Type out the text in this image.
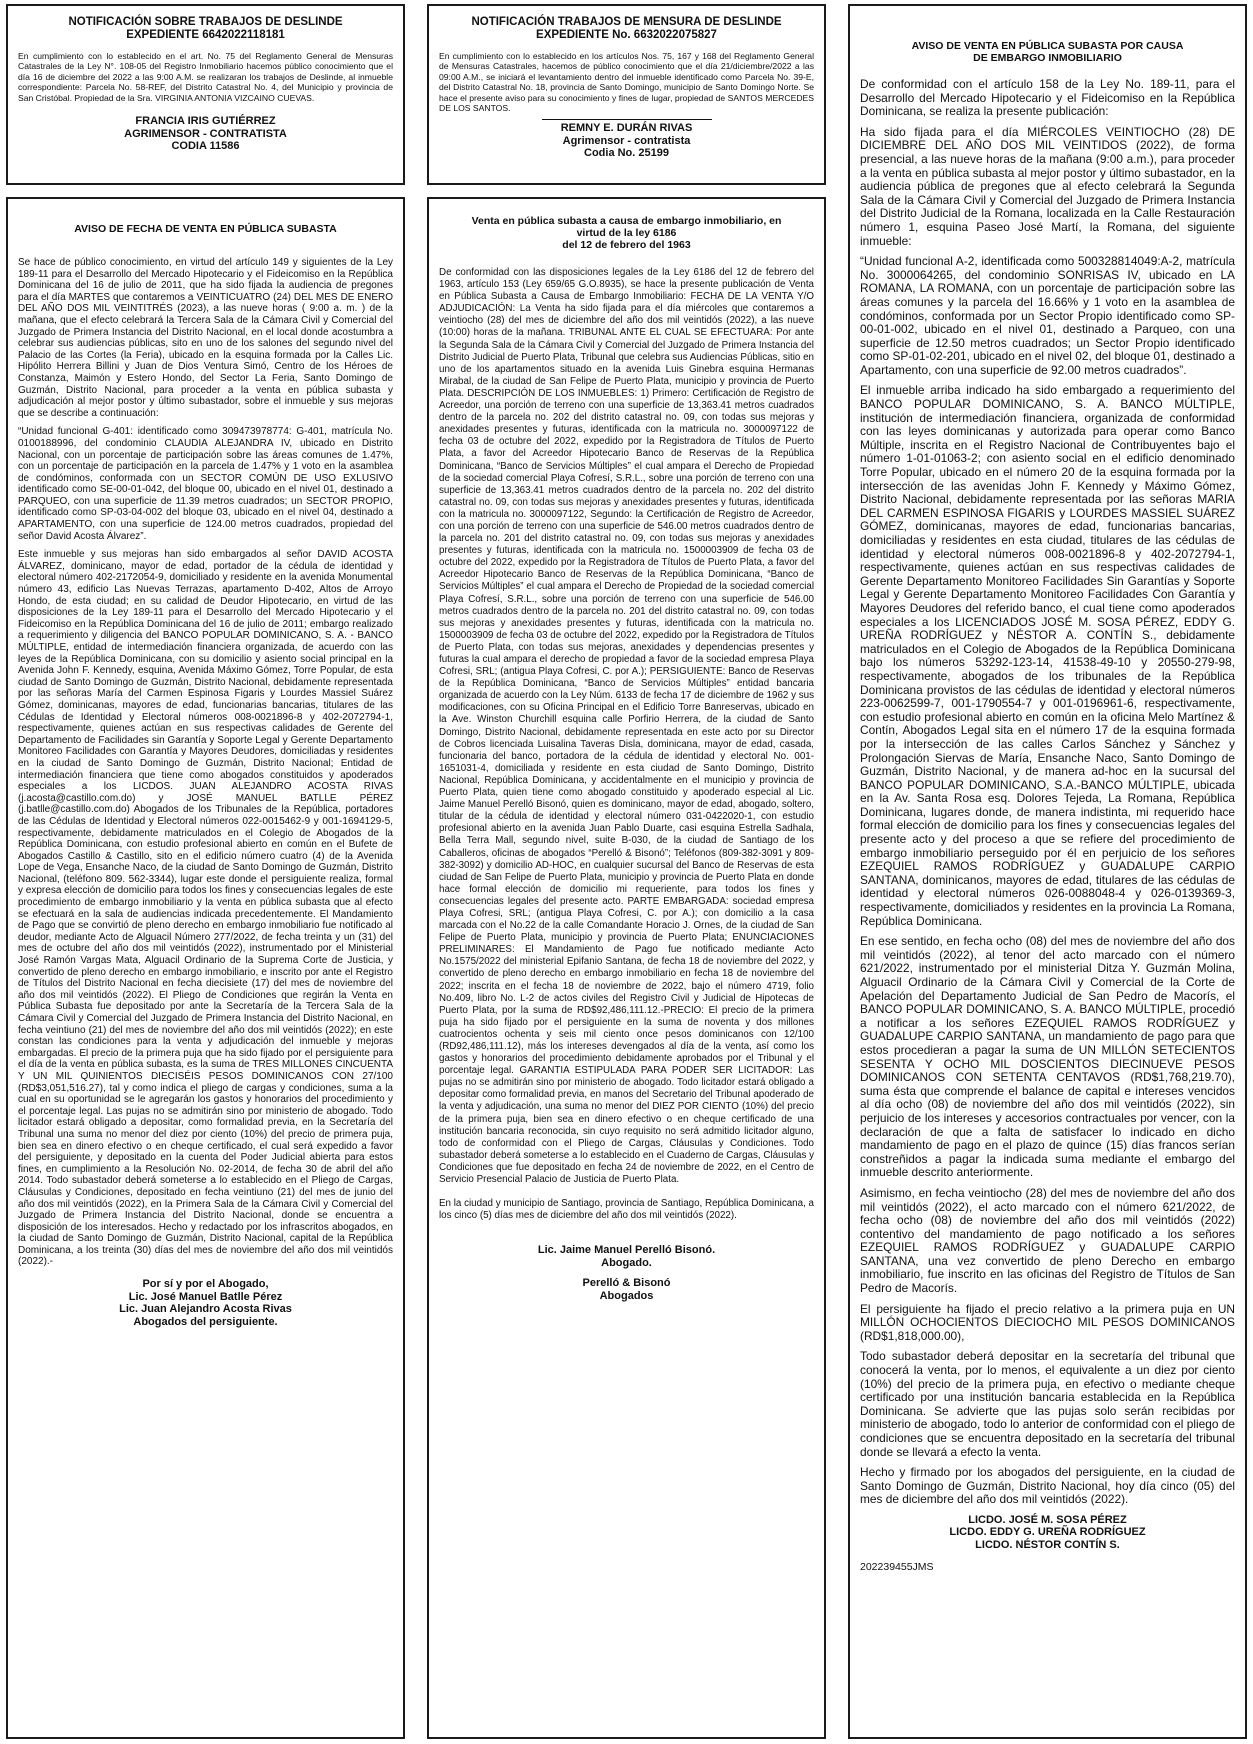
NOTIFICACIÓN SOBRE TRABAJOS DE DESLINDE
EXPEDIENTE 6642022118181

En cumplimiento con lo establecido en el art. No. 75 del Reglamento General de Mensuras Catastrales de la Ley N°. 108-05 del Registro Inmobiliario hacemos público conocimiento que el día 16 de diciembre del 2022 a las 9:00 A.M. se realizaran los trabajos de Deslinde, al inmueble correspondiente: Parcela No. 58-REF, del Distrito Catastral No. 4, del Municipio y provincia de San Cristóbal. Propiedad de la Sra. VIRGINIA ANTONIA VIZCAINO CUEVAS.

FRANCIA IRIS GUTIÉRREZ
AGRIMENSOR - CONTRATISTA
CODIA 11586
NOTIFICACIÓN TRABAJOS DE MENSURA DE DESLINDE
EXPEDIENTE No. 6632022075827

En cumplimiento con lo establecido en los artículos Nos. 75, 167 y 168 del Reglamento General de Mensuras Catastrales, hacemos de público conocimiento que el día 21/diciembre/2022 a las 09:00 A.M., se iniciará el levantamiento dentro del inmueble identificado como Parcela No. 39-E, del Distrito Catastral No. 18, provincia de Santo Domingo, municipio de Santo Domingo Norte. Se hace el presente aviso para su conocimiento y fines de lugar, propiedad de SANTOS MERCEDES DE LOS SANTOS.

REMNY E. DURÁN RIVAS
Agrimensor - contratista
Codia No. 25199
AVISO DE FECHA DE VENTA EN PÚBLICA SUBASTA

Se hace de público conocimiento, en virtud del artículo 149 y siguientes de la Ley 189-11 para el Desarrollo del Mercado Hipotecario y el Fideicomiso en la República Dominicana del 16 de julio de 2011, que ha sido fijada la audiencia de pregones para el día MARTES que contaremos a VEINTICUATRO (24) DEL MES DE ENERO DEL AÑO DOS MIL VEINTITRÉS (2023), a las nueve horas ( 9:00 a. m. ) de la mañana, que el efecto celebrará la Tercera Sala de la Cámara Civil y Comercial del Juzgado de Primera Instancia del Distrito Nacional, en el local donde acostumbra a celebrar sus audiencias públicas, sito en uno de los salones del segundo nivel del Palacio de las Cortes (la Feria), ubicado en la esquina formada por la Calles Lic. Hipólito Herrera Billini y Juan de Dios Ventura Simó, Centro de los Héroes de Constanza, Maimón y Estero Hondo, del Sector La Feria, Santo Domingo de Guzmán, Distrito Nacional, para proceder a la venta en pública subasta y adjudicación al mejor postor y último subastador, sobre el inmueble y sus mejoras que se describe a continuación:

“Unidad funcional G-401: identificado como 309473978774: G-401, matrícula No. 0100188996, del condominio CLAUDIA ALEJANDRA IV, ubicado en Distrito Nacional, con un porcentaje de participación sobre las áreas comunes de 1.47%, con un porcentaje de participación en la parcela de 1.47% y 1 voto en la asamblea de condóminos, conformada con un SECTOR COMÚN DE USO EXLUSIVO identificado como SE-00-01-042, del bloque 00, ubicado en el nivel 01, destinado a PARQUEO, con una superficie de 11.39 metros cuadrados; un SECTOR PROPIO, identificado como SP-03-04-002 del bloque 03, ubicado en el nivel 04, destinado a APARTAMENTO, con una superficie de 124.00 metros cuadrados, propiedad del señor David Acosta Álvarez”.

Este inmueble y sus mejoras han sido embargados al señor DAVID ACOSTA ÁLVAREZ, dominicano, mayor de edad, portador de la cédula de identidad y electoral número 402-2172054-9, domiciliado y residente en la avenida Monumental número 43, edificio Las Nuevas Terrazas, apartamento D-402, Altos de Arroyo Hondo, de esta ciudad; en su calidad de Deudor Hipotecario, en virtud de las disposiciones de la Ley 189-11 para el Desarrollo del Mercado Hipotecario y el Fideicomiso en la República Dominicana del 16 de julio de 2011; embargo realizado a requerimiento y diligencia del BANCO POPULAR DOMINICANO, S. A. - BANCO MÚLTIPLE, entidad de intermediación financiera organizada, de acuerdo con las leyes de la República Dominicana, con su domicilio y asiento social principal en la Avenida John F. Kennedy, esquina, Avenida Máximo Gómez, Torre Popular, de esta ciudad de Santo Domingo de Guzmán, Distrito Nacional, debidamente representada por las señoras María del Carmen Espinosa Figaris y Lourdes Massiel Suárez Gómez, dominicanas, mayores de edad, funcionarias bancarias, titulares de las Cédulas de Identidad y Electoral números 008-0021896-8 y 402-2072794-1, respectivamente, quienes actúan en sus respectivas calidades de Gerente del Departamento de Facilidades sin Garantía y Soporte Legal y Gerente Departamento Monitoreo Facilidades con Garantía y Mayores Deudores, domiciliadas y residentes en la ciudad de Santo Domingo de Guzmán, Distrito Nacional; Entidad de intermediación financiera que tiene como abogados constituidos y apoderados especiales a los LICDOS. JUAN ALEJANDRO ACOSTA RIVAS (j.acosta@castillo.com.do) y JOSÉ MANUEL BATLLE PÉREZ (j.batlle@castillo.com.do) Abogados de los Tribunales de la República, portadores de las Cédulas de Identidad y Electoral números 022-0015462-9 y 001-1694129-5, respectivamente, debidamente matriculados en el Colegio de Abogados de la República Dominicana, con estudio profesional abierto en común en el Bufete de Abogados Castillo & Castillo, sito en el edificio número cuatro (4) de la Avenida Lope de Vega, Ensanche Naco, de la ciudad de Santo Domingo de Guzmán, Distrito Nacional, (teléfono 809. 562-3344), lugar este donde el persiguiente realiza, formal y expresa elección de domicilio para todos los fines y consecuencias legales de este procedimiento de embargo inmobiliario y la venta en pública subasta que al efecto se efectuará en la sala de audiencias indicada precedentemente. El Mandamiento de Pago que se convirtió de pleno derecho en embargo inmobiliario fue notificado al deudor, mediante Acto de Alguacil Número 277/2022, de fecha treinta y un (31) del mes de octubre del año dos mil veintidós (2022), instrumentado por el Ministerial José Ramón Vargas Mata, Alguacil Ordinario de la Suprema Corte de Justicia, y convertido de pleno derecho en embargo inmobiliario, e inscrito por ante el Registro de Títulos del Distrito Nacional en fecha diecisiete (17) del mes de noviembre del año dos mil veintidós (2022). El Pliego de Condiciones que regirán la Venta en Pública Subasta fue depositado por ante la Secretaría de la Tercera Sala de la Cámara Civil y Comercial del Juzgado de Primera Instancia del Distrito Nacional, en fecha veintiuno (21) del mes de noviembre del año dos mil veintidós (2022); en este constan las condiciones para la venta y adjudicación del inmueble y mejoras embargadas. El precio de la primera puja que ha sido fijado por el persiguiente para el día de la venta en pública subasta, es la suma de TRES MILLONES CINCUENTA Y UN MIL QUINIENTOS DIECISÉIS PESOS DOMINICANOS CON 27/100 (RD$3,051,516.27), tal y como indica el pliego de cargas y condiciones, suma a la cual en su oportunidad se le agregarán los gastos y honorarios del procedimiento y el porcentaje legal. Las pujas no se admitirán sino por ministerio de abogado. Todo licitador estará obligado a depositar, como formalidad previa, en la Secretaría del Tribunal una suma no menor del diez por ciento (10%) del precio de primera puja, bien sea en dinero efectivo o en cheque certificado, el cual será expedido a favor del persiguiente, y depositado en la cuenta del Poder Judicial abierta para estos fines, en cumplimiento a la Resolución No. 02-2014, de fecha 30 de abril del año 2014. Todo subastador deberá someterse a lo establecido en el Pliego de Cargas, Cláusulas y Condiciones, depositado en fecha veintiuno (21) del mes de junio del año dos mil veintidós (2022), en la Primera Sala de la Cámara Civil y Comercial del Juzgado de Primera Instancia del Distrito Nacional, donde se encuentra a disposición de los interesados. Hecho y redactado por los infrascritos abogados, en la ciudad de Santo Domingo de Guzmán, Distrito Nacional, capital de la República Dominicana, a los treinta (30) días del mes de noviembre del año dos mil veintidós (2022).-

Por sí y por el Abogado,
Lic. José Manuel Batlle Pérez
Lic. Juan Alejandro Acosta Rivas
Abogados del persiguiente.
Venta en pública subasta a causa de embargo inmobiliario, en
virtud de la ley 6186
del 12 de febrero del 1963

De conformidad con las disposiciones legales de la Ley 6186 del 12 de febrero del 1963, artículo 153 (Ley 659/65 G.O.8935), se hace la presente publicación de Venta en Pública Subasta a Causa de Embargo Inmobiliario: FECHA DE LA VENTA Y/O ADJUDICACIÓN: La Venta ha sido fijada para el día miércoles que contaremos a veintiocho (28) del mes de diciembre del año dos mil veintidós (2022), a las nueve (10:00) horas de la mañana. TRIBUNAL ANTE EL CUAL SE EFECTUARA: Por ante la Segunda Sala de la Cámara Civil y Comercial del Juzgado de Primera Instancia del Distrito Judicial de Puerto Plata, Tribunal que celebra sus Audiencias Públicas, sitio en uno de los apartamentos situado en la avenida Luis Ginebra esquina Hermanas Mirabal, de la ciudad de San Felipe de Puerto Plata, municipio y provincia de Puerto Plata. DESCRIPCIÓN DE LOS INMUEBLES: 1) Primero: Certificación de Registro de Acreedor, una porción de terreno con una superficie de 13,363.41 metros cuadrados dentro de la parcela no. 202 del distrito catastral no. 09, con todas sus mejoras y anexidades presentes y futuras, identificada con la matricula no. 3000097122 de fecha 03 de octubre del 2022, expedido por la Registradora de Títulos de Puerto Plata, a favor del Acreedor Hipotecario Banco de Reservas de la República Dominicana, “Banco de Servicios Múltiples” el cual ampara el Derecho de Propiedad de la sociedad comercial Playa Cofresí, S.R.L., sobre una porción de terreno con una superficie de 13,363.41 metros cuadrados dentro de la parcela no. 202 del distrito catastral no. 09, con todas sus mejoras y anexidades presentes y futuras, identificada con la matricula no. 3000097122, Segundo: la Certificación de Registro de Acreedor, con una porción de terreno con una superficie de 546.00 metros cuadrados dentro de la parcela no. 201 del distrito catastral no. 09, con todas sus mejoras y anexidades presentes y futuras, identificada con la matricula no. 1500003909 de fecha 03 de octubre del 2022, expedido por la Registradora de Títulos de Puerto Plata, a favor del Acreedor Hipotecario Banco de Reservas de la República Dominicana, “Banco de Servicios Múltiples” el cual ampara el Derecho de Propiedad de la sociedad comercial Playa Cofresí, S.R.L., sobre una porción de terreno con una superficie de 546.00 metros cuadrados dentro de la parcela no. 201 del distrito catastral no. 09, con todas sus mejoras y anexidades presentes y futuras, identificada con la matricula no. 1500003909 de fecha 03 de octubre del 2022, expedido por la Registradora de Títulos de Puerto Plata, con todas sus mejoras, anexidades y dependencias presentes y futuras la cual ampara el derecho de propiedad a favor de la sociedad empresa Playa Cofresi, SRL; (antigua Playa Cofresi, C. por A.); PERSIGUIENTE: Banco de Reservas de la República Dominicana, “Banco de Servicios Múltiples” entidad bancaria organizada de acuerdo con la Ley Núm. 6133 de fecha 17 de diciembre de 1962 y sus modificaciones, con su Oficina Principal en el Edificio Torre Banreservas, ubicado en la Ave. Winston Churchill esquina calle Porfirio Herrera, de la ciudad de Santo Domingo, Distrito Nacional, debidamente representada en este acto por su Director de Cobros licenciada Luisalina Taveras Disla, dominicana, mayor de edad, casada, funcionaria del banco, portadora de la cédula de identidad y electoral No. 001-1651031-4, domiciliada y residente en esta ciudad de Santo Domingo, Distrito Nacional, República Dominicana, y accidentalmente en el municipio y provincia de Puerto Plata, quien tiene como abogado constituido y apoderado especial al Lic. Jaime Manuel Perelló Bisonó, quien es dominicano, mayor de edad, abogado, soltero, titular de la cédula de identidad y electoral número 031-0422020-1, con estudio profesional abierto en la avenida Juan Pablo Duarte, casi esquina Estrella Sadhala, Bella Terra Mall, segundo nivel, suite B-030, de la ciudad de Santiago de los Caballeros, oficinas de abogados “Perelló & Bisonó”; Teléfonos (809-382-3091 y 809-382-3092) y domicilio AD-HOC, en cualquier sucursal del Banco de Reservas de esta ciudad de San Felipe de Puerto Plata, municipio y provincia de Puerto Plata en donde hace formal elección de domicilio mi requeriente, para todos los fines y consecuencias legales del presente acto. PARTE EMBARGADA: sociedad empresa Playa Cofresi, SRL; (antigua Playa Cofresi, C. por A.); con domicilio a la casa marcada con el No.22 de la calle Comandante Horacio J. Ornes, de la ciudad de San Felipe de Puerto Plata, municipio y provincia de Puerto Plata; ENUNCIACIONES PRELIMINARES: El Mandamiento de Pago fue notificado mediante Acto No.1575/2022 del ministerial Epifanio Santana, de fecha 18 de noviembre del 2022, y convertido de pleno derecho en embargo inmobiliario en fecha 18 de noviembre del 2022; inscrita en el fecha 18 de noviembre de 2022, bajo el número 4719, folio No.409, libro No. L-2 de actos civiles del Registro Civil y Judicial de Hipotecas de Puerto Plata, por la suma de RD$92,486,111.12.-PRECIO: El precio de la primera puja ha sido fijado por el persiguiente en la suma de noventa y dos millones cuatrocientos ochenta y seis mil ciento once pesos dominicanos con 12/100 (RD92,486,111.12), más los intereses devengados al día de la venta, así como los gastos y honorarios del procedimiento debidamente aprobados por el Tribunal y el porcentaje legal. GARANTIA ESTIPULADA PARA PODER SER LICITADOR: Las pujas no se admitirán sino por ministerio de abogado. Todo licitador estará obligado a depositar como formalidad previa, en manos del Secretario del Tribunal apoderado de la venta y adjudicación, una suma no menor del DIEZ POR CIENTO (10%) del precio de la primera puja, bien sea en dinero efectivo o en cheque certificado de una institución bancaria reconocida, sin cuyo requisito no será admitido licitador alguno, todo de conformidad con el Pliego de Cargas, Cláusulas y Condiciones. Todo subastador deberá someterse a lo establecido en el Cuaderno de Cargas, Cláusulas y Condiciones que fue depositado en fecha 24 de noviembre de 2022, en el Centro de Servicio Presencial Palacio de Justicia de Puerto Plata.

En la ciudad y municipio de Santiago, provincia de Santiago, República Dominicana, a los cinco (5) días mes de diciembre del año dos mil veintidós (2022).

Lic. Jaime Manuel Perelló Bisonó.
Abogado.
Perelló & Bisonó
Abogados
AVISO DE VENTA EN PÚBLICA SUBASTA POR CAUSA
DE EMBARGO INMOBILIARIO

De conformidad con el artículo 158 de la Ley No. 189-11, para el Desarrollo del Mercado Hipotecario y el Fideicomiso en la República Dominicana, se realiza la presente publicación:

Ha sido fijada para el día MIÉRCOLES VEINTIOCHO (28) DE DICIEMBRE DEL AÑO DOS MIL VEINTIDOS (2022), de forma presencial, a las nueve horas de la mañana (9:00 a.m.), para proceder a la venta en pública subasta al mejor postor y último subastador, en la audiencia pública de pregones que al efecto celebrará la Segunda Sala de la Cámara Civil y Comercial del Juzgado de Primera Instancia del Distrito Judicial de la Romana, localizada en la Calle Restauración número 1, esquina Paseo José Martí, la Romana, del siguiente inmueble:

“Unidad funcional A-2, identificada como 500328814049:A-2, matrícula No. 3000064265, del condominio SONRISAS IV, ubicado en LA ROMANA, LA ROMANA, con un porcentaje de participación sobre las áreas comunes y la parcela del 16.66% y 1 voto en la asamblea de condóminos, conformada por un Sector Propio identificado como SP-00-01-002, ubicado en el nivel 01, destinado a Parqueo, con una superficie de 12.50 metros cuadrados; un Sector Propio identificado como SP-01-02-201, ubicado en el nivel 02, del bloque 01, destinado a Apartamento, con una superficie de 92.00 metros cuadrados”.

El inmueble arriba indicado ha sido embargado a requerimiento del BANCO POPULAR DOMINICANO, S. A. BANCO MÚLTIPLE, institución de intermediación financiera, organizada de conformidad con las leyes dominicanas y autorizada para operar como Banco Múltiple, inscrita en el Registro Nacional de Contribuyentes bajo el número 1-01-01063-2; con asiento social en el edificio denominado Torre Popular, ubicado en el número 20 de la esquina formada por la intersección de las avenidas John F. Kennedy y Máximo Gómez, Distrito Nacional, debidamente representada por las señoras MARIA DEL CARMEN ESPINOSA FIGARIS y LOURDES MASSIEL SUÁREZ GÓMEZ, dominicanas, mayores de edad, funcionarias bancarias, domiciliadas y residentes en esta ciudad, titulares de las cédulas de identidad y electoral números 008-0021896-8 y 402-2072794-1, respectivamente, quienes actúan en sus respectivas calidades de Gerente Departamento Monitoreo Facilidades Sin Garantías y Soporte Legal y Gerente Departamento Monitoreo Facilidades Con Garantía y Mayores Deudores del referido banco, el cual tiene como apoderados especiales a los LICENCIADOS JOSÉ M. SOSA PÉREZ, EDDY G. UREÑA RODRÍGUEZ y NÉSTOR A. CONTÍN S., debidamente matriculados en el Colegio de Abogados de la República Dominicana bajo los números 53292-123-14, 41538-49-10 y 20550-279-98, respectivamente, abogados de los tribunales de la República Dominicana provistos de las cédulas de identidad y electoral números 223-0062599-7, 001-1790554-7 y 001-0196961-6, respectivamente, con estudio profesional abierto en común en la oficina Melo Martínez & Contín, Abogados Legal sita en el número 17 de la esquina formada por la intersección de las calles Carlos Sánchez y Sánchez y Prolongación Siervas de María, Ensanche Naco, Santo Domingo de Guzmán, Distrito Nacional, y de manera ad-hoc en la sucursal del BANCO POPULAR DOMINICANO, S.A.-BANCO MÚLTIPLE, ubicada en la Av. Santa Rosa esq. Dolores Tejeda, La Romana, República Dominicana, lugares donde, de manera indistinta, mi requerido hace formal elección de domicilio para los fines y consecuencias legales del presente acto y del proceso a que se refiere del procedimiento de embargo inmobiliario perseguido por él en perjuicio de los señores EZEQUIEL RAMOS RODRÍGUEZ y GUADALUPE CARPIO SANTANA, dominicanos, mayores de edad, titulares de las cédulas de identidad y electoral números 026-0088048-4 y 026-0139369-3, respectivamente, domiciliados y residentes en la provincia La Romana, República Dominicana.

En ese sentido, en fecha ocho (08) del mes de noviembre del año dos mil veintidós (2022), al tenor del acto marcado con el número 621/2022, instrumentado por el ministerial Ditza Y. Guzmán Molina, Alguacil Ordinario de la Cámara Civil y Comercial de la Corte de Apelación del Departamento Judicial de San Pedro de Macorís, el BANCO POPULAR DOMINICANO, S. A. BANCO MÚLTIPLE, procedió a notificar a los señores EZEQUIEL RAMOS RODRÍGUEZ y GUADALUPE CARPIO SANTANA, un mandamiento de pago para que estos procedieran a pagar la suma de UN MILLÓN SETECIENTOS SESENTA Y OCHO MIL DOSCIENTOS DIECINUEVE PESOS DOMINICANOS CON SETENTA CENTAVOS (RD$1,768,219.70), suma ésta que comprende el balance de capital e intereses vencidos al día ocho (08) de noviembre del año dos mil veintidós (2022), sin perjuicio de los intereses y accesorios contractuales por vencer, con la declaración de que a falta de satisfacer lo indicado en dicho mandamiento de pago en el plazo de quince (15) días francos serían constreñidos a pagar la indicada suma mediante el embargo del inmueble descrito anteriormente.

Asimismo, en fecha veintiocho (28) del mes de noviembre del año dos mil veintidós (2022), el acto marcado con el número 621/2022, de fecha ocho (08) de noviembre del año dos mil veintidós (2022) contentivo del mandamiento de pago notificado a los señores EZEQUIEL RAMOS RODRÍGUEZ y GUADALUPE CARPIO SANTANA, una vez convertido de pleno Derecho en embargo inmobiliario, fue inscrito en las oficinas del Registro de Títulos de San Pedro de Macorís.

El persiguiente ha fijado el precio relativo a la primera puja en UN MILLÓN OCHOCIENTOS DIECIOCHO MIL PESOS DOMINICANOS (RD$1,818,000.00),

Todo subastador deberá depositar en la secretaría del tribunal que conocerá la venta, por lo menos, el equivalente a un diez por ciento (10%) del precio de la primera puja, en efectivo o mediante cheque certificado por una institución bancaria establecida en la República Dominicana. Se advierte que las pujas solo serán recibidas por ministerio de abogado, todo lo anterior de conformidad con el pliego de condiciones que se encuentra depositado en la secretaría del tribunal donde se llevará a efecto la venta.

Hecho y firmado por los abogados del persiguiente, en la ciudad de Santo Domingo de Guzmán, Distrito Nacional, hoy día cinco (05) del mes de diciembre del año dos mil veintidós (2022).

LICDO. JOSÉ M. SOSA PÉREZ
LICDO. EDDY G. UREÑA RODRÍGUEZ
LICDO. NÉSTOR CONTÍN S.
202239455JMS
